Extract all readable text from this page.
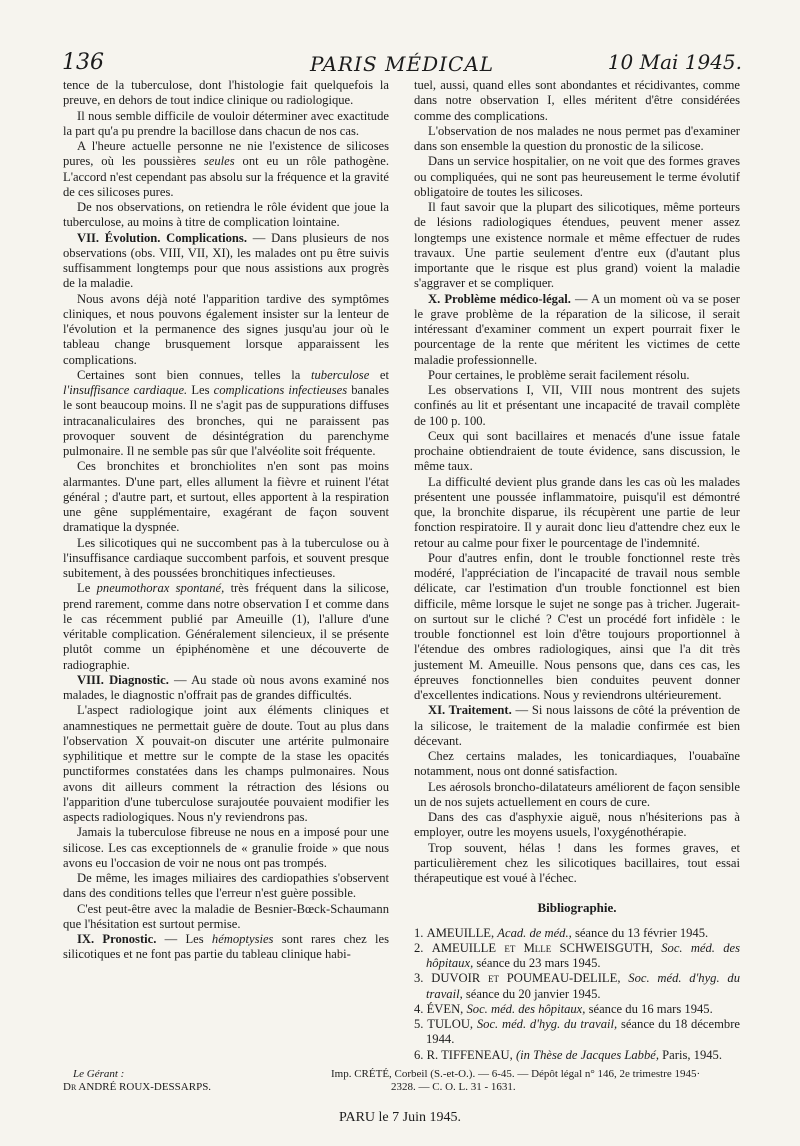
136	PARIS MÉDICAL	10 Mai 1945.

tence de la tuberculose, dont l'histologie fait quelquefois la preuve, en dehors de tout indice clinique ou radiologique.

Il nous semble difficile de vouloir déterminer avec exactitude la part qu'a pu prendre la bacillose dans chacun de nos cas.

A l'heure actuelle personne ne nie l'existence de silicoses pures, où les poussières seules ont eu un rôle pathogène. L'accord n'est cependant pas absolu sur la fréquence et la gravité de ces silicoses pures.

De nos observations, on retiendra le rôle évident que joue la tuberculose, au moins à titre de complication lointaine.

VII. Évolution. Complications. — Dans plusieurs de nos observations (obs. VIII, VII, XI), les malades ont pu être suivis suffisamment longtemps pour que nous assistions aux progrès de la maladie.

Nous avons déjà noté l'apparition tardive des symptômes cliniques, et nous pouvons également insister sur la lenteur de l'évolution et la permanence des signes jusqu'au jour où le tableau change brusquement lorsque apparaissent les complications.

Certaines sont bien connues, telles la tuberculose et l'insuffisance cardiaque. Les complications infectieuses banales le sont beaucoup moins. Il ne s'agit pas de suppurations diffuses intracanaliculaires des bronches, qui ne paraissent pas provoquer souvent de désintégration du parenchyme pulmonaire. Il ne semble pas sûr que l'alvéolite soit fréquente.

Ces bronchites et bronchiolites n'en sont pas moins alarmantes. D'une part, elles allument la fièvre et ruinent l'état général ; d'autre part, et surtout, elles apportent à la respiration une gêne supplémentaire, exagérant de façon souvent dramatique la dyspnée.

Les silicotiques qui ne succombent pas à la tuberculose ou à l'insuffisance cardiaque succombent parfois, et souvent presque subitement, à des poussées bronchitiques infectieuses.

Le pneumothorax spontané, très fréquent dans la silicose, prend rarement, comme dans notre observation I et comme dans le cas récemment publié par Ameuille (1), l'allure d'une véritable complication. Généralement silencieux, il se présente plutôt comme un épiphénomène et une découverte de radiographie.

VIII. Diagnostic. — Au stade où nous avons examiné nos malades, le diagnostic n'offrait pas de grandes difficultés.

L'aspect radiologique joint aux éléments cliniques et anamnestiques ne permettait guère de doute. Tout au plus dans l'observation X pouvait-on discuter une artérite pulmonaire syphilitique et mettre sur le compte de la stase les opacités punctiformes constatées dans les champs pulmonaires. Nous avons dit ailleurs comment la rétraction des lésions ou l'apparition d'une tuberculose surajoutée pouvaient modifier les aspects radiologiques. Nous n'y reviendrons pas.

Jamais la tuberculose fibreuse ne nous en a imposé pour une silicose. Les cas exceptionnels de « granulie froide » que nous avons eu l'occasion de voir ne nous ont pas trompés.

De même, les images miliaires des cardiopathies s'observent dans des conditions telles que l'erreur n'est guère possible.

C'est peut-être avec la maladie de Besnier-Bœck-Schaumann que l'hésitation est surtout permise.

IX. Pronostic. — Les hémoptysies sont rares chez les silicotiques et ne font pas partie du tableau clinique habi-

tuel, aussi, quand elles sont abondantes et récidivantes, comme dans notre observation I, elles méritent d'être considérées comme des complications.

L'observation de nos malades ne nous permet pas d'examiner dans son ensemble la question du pronostic de la silicose.

Dans un service hospitalier, on ne voit que des formes graves ou compliquées, qui ne sont pas heureusement le terme évolutif obligatoire de toutes les silicoses.

Il faut savoir que la plupart des silicotiques, même porteurs de lésions radiologiques étendues, peuvent mener assez longtemps une existence normale et même effectuer de rudes travaux. Une partie seulement d'entre eux (d'autant plus importante que le risque est plus grand) voient la maladie s'aggraver et se compliquer.

X. Problème médico-légal. — A un moment où va se poser le grave problème de la réparation de la silicose, il serait intéressant d'examiner comment un expert pourrait fixer le pourcentage de la rente que méritent les victimes de cette maladie professionnelle.

Pour certaines, le problème serait facilement résolu.

Les observations I, VII, VIII nous montrent des sujets confinés au lit et présentant une incapacité de travail complète de 100 p. 100.

Ceux qui sont bacillaires et menacés d'une issue fatale prochaine obtiendraient de toute évidence, sans discussion, le même taux.

La difficulté devient plus grande dans les cas où les malades présentent une poussée inflammatoire, puisqu'il est démontré que, la bronchite disparue, ils récupèrent une partie de leur fonction respiratoire. Il y aurait donc lieu d'attendre chez eux le retour au calme pour fixer le pourcentage de l'indemnité.

Pour d'autres enfin, dont le trouble fonctionnel reste très modéré, l'appréciation de l'incapacité de travail nous semble délicate, car l'estimation d'un trouble fonctionnel est bien difficile, même lorsque le sujet ne songe pas à tricher. Jugerait-on surtout sur le cliché ? C'est un procédé fort infidèle : le trouble fonctionnel est loin d'être toujours proportionnel à l'étendue des ombres radiologiques, ainsi que l'a dit très justement M. Ameuille. Nous pensons que, dans ces cas, les épreuves fonctionnelles bien conduites peuvent donner d'excellentes indications. Nous y reviendrons ultérieurement.

XI. Traitement. — Si nous laissons de côté la prévention de la silicose, le traitement de la maladie confirmée est bien décevant.

Chez certains malades, les tonicardiaques, l'ouabaïne notamment, nous ont donné satisfaction.

Les aérosols broncho-dilatateurs améliorent de façon sensible un de nos sujets actuellement en cours de cure.

Dans des cas d'asphyxie aiguë, nous n'hésiterions pas à employer, outre les moyens usuels, l'oxygénothérapie.

Trop souvent, hélas ! dans les formes graves, et particulièrement chez les silicotiques bacillaires, tout essai thérapeutique est voué à l'échec.

Bibliographie.
1. AMEUILLE, Acad. de méd., séance du 13 février 1945.
2. AMEUILLE et Mlle SCHWEISGUTH, Soc. méd. des hôpitaux, séance du 23 mars 1945.
3. DUVOIR et POUMEAU-DELILE, Soc. méd. d'hyg. du travail, séance du 20 janvier 1945.
4. ÉVEN, Soc. méd. des hôpitaux, séance du 16 mars 1945.
5. TULOU, Soc. méd. d'hyg. du travail, séance du 18 décembre 1944.
6. R. TIFFENEAU, (in Thèse de Jacques Labbé, Paris, 1945.
Le Gérant :
Dr ANDRÉ ROUX-DESSARPS.
Imp. CRÉTÉ, Corbeil (S.-et-O.). — 6-45. — Dépôt légal n° 146, 2e trimestre 1945·
2328. — C. O. L. 31 - 1631.
PARU le 7 Juin 1945.
